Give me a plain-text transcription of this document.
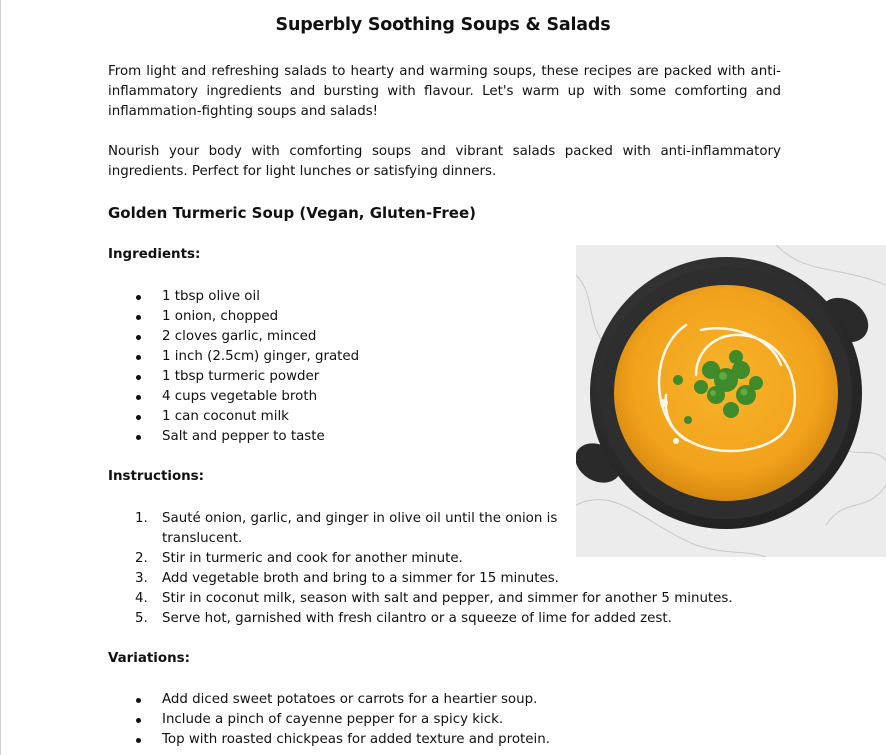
Superbly Soothing Soups & Salads

From light and refreshing salads to hearty and warming soups, these recipes are packed with anti-inflammatory ingredients and bursting with flavour. Let's warm up with some comforting and inflammation-fighting soups and salads!

Nourish your body with comforting soups and vibrant salads packed with anti-inflammatory ingredients. Perfect for light lunches or satisfying dinners.

Golden Turmeric Soup (Vegan, Gluten-Free)
Ingredients:
1 tbsp olive oil
1 onion, chopped
2 cloves garlic, minced
1 inch (2.5cm) ginger, grated
1 tbsp turmeric powder
4 cups vegetable broth
1 can coconut milk
Salt and pepper to taste
Instructions:
1. Sauté onion, garlic, and ginger in olive oil until the onion is translucent.
2. Stir in turmeric and cook for another minute.
3. Add vegetable broth and bring to a simmer for 15 minutes.
4. Stir in coconut milk, season with salt and pepper, and simmer for another 5 minutes.
5. Serve hot, garnished with fresh cilantro or a squeeze of lime for added zest.
Variations:
Add diced sweet potatoes or carrots for a heartier soup.
Include a pinch of cayenne pepper for a spicy kick.
Top with roasted chickpeas for added texture and protein.
